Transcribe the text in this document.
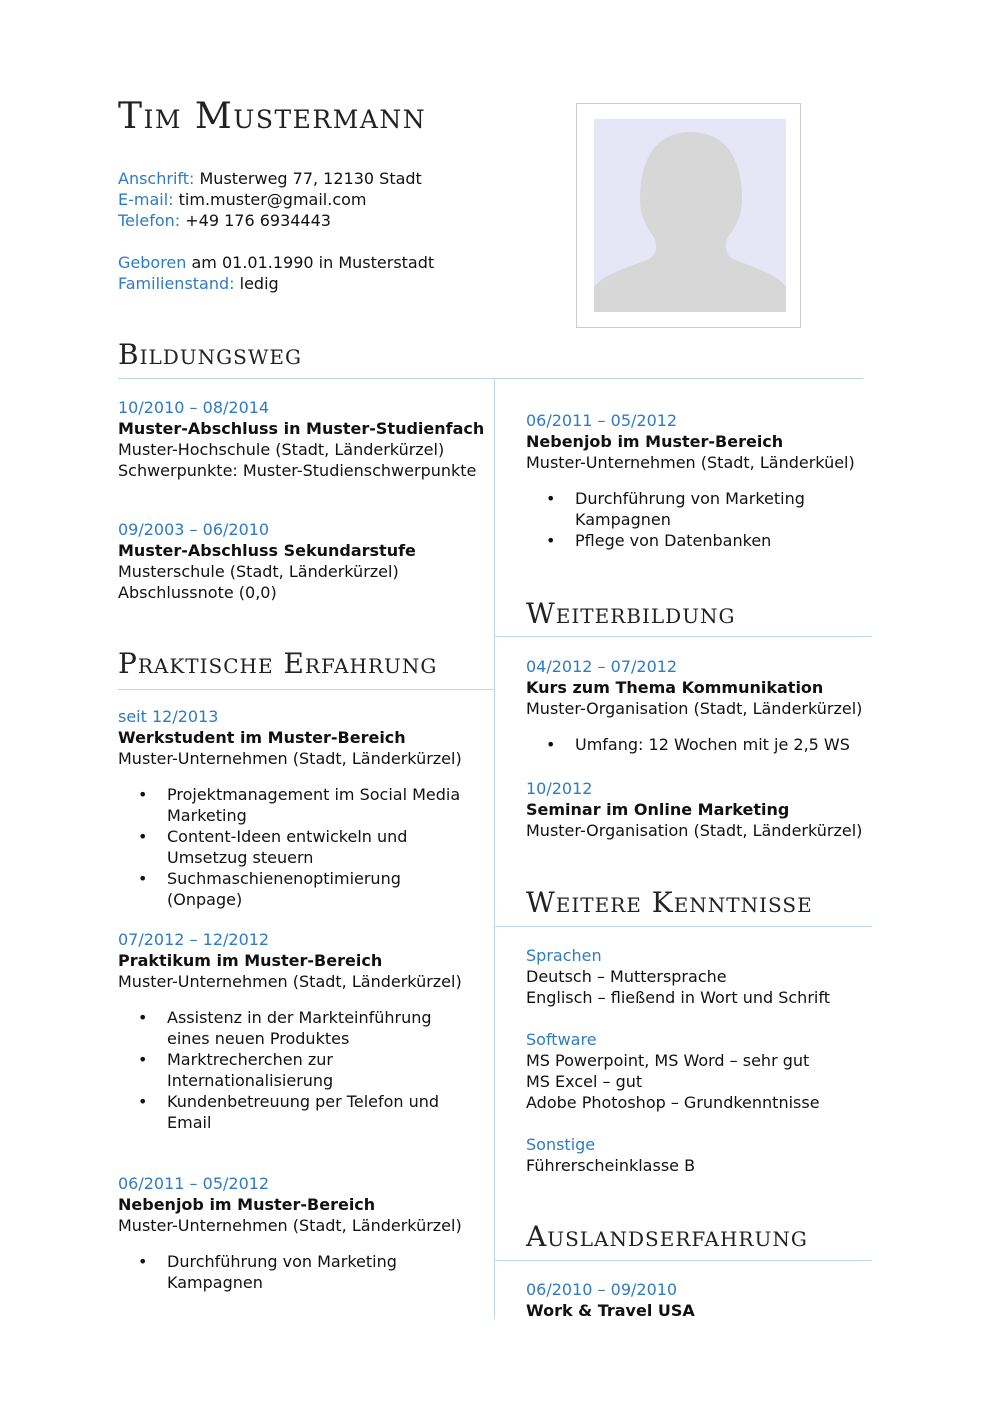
Tim Mustermann
Anschrift: Musterweg 77, 12130 Stadt
E-mail: tim.muster@gmail.com
Telefon: +49 176 6934443
Geboren am 01.01.1990 in Musterstadt
Familienstand: ledig
Bildungsweg
10/2010 – 08/2014
Muster-Abschluss in Muster-Studienfach
Muster-Hochschule (Stadt, Länderkürzel)
Schwerpunkte: Muster-Studienschwerpunkte
09/2003 – 06/2010
Muster-Abschluss Sekundarstufe
Musterschule (Stadt, Länderkürzel)
Abschlussnote (0,0)
Praktische Erfahrung
seit 12/2013
Werkstudent im Muster-Bereich
Muster-Unternehmen (Stadt, Länderkürzel)
• Projektmanagement im Social Media Marketing
• Content-Ideen entwickeln und Umsetzug steuern
• Suchmaschienenoptimierung (Onpage)
07/2012 – 12/2012
Praktikum im Muster-Bereich
Muster-Unternehmen (Stadt, Länderkürzel)
• Assistenz in der Markteinführung eines neuen Produktes
• Marktrecherchen zur Internationalisierung
• Kundenbetreuung per Telefon und Email
06/2011 – 05/2012
Nebenjob im Muster-Bereich
Muster-Unternehmen (Stadt, Länderkürzel)
• Durchführung von Marketing Kampagnen
06/2011 – 05/2012
Nebenjob im Muster-Bereich
Muster-Unternehmen (Stadt, Länderküel)
• Durchführung von Marketing Kampagnen
• Pflege von Datenbanken
Weiterbildung
04/2012 – 07/2012
Kurs zum Thema Kommunikation
Muster-Organisation (Stadt, Länderkürzel)
• Umfang: 12 Wochen mit je 2,5 WS
10/2012
Seminar im Online Marketing
Muster-Organisation (Stadt, Länderkürzel)
Weitere Kenntnisse
Sprachen
Deutsch – Muttersprache
Englisch – fließend in Wort und Schrift
Software
MS Powerpoint, MS Word – sehr gut
MS Excel – gut
Adobe Photoshop – Grundkenntnisse
Sonstige
Führerscheinklasse B
Auslandserfahrung
06/2010 – 09/2010
Work & Travel USA
